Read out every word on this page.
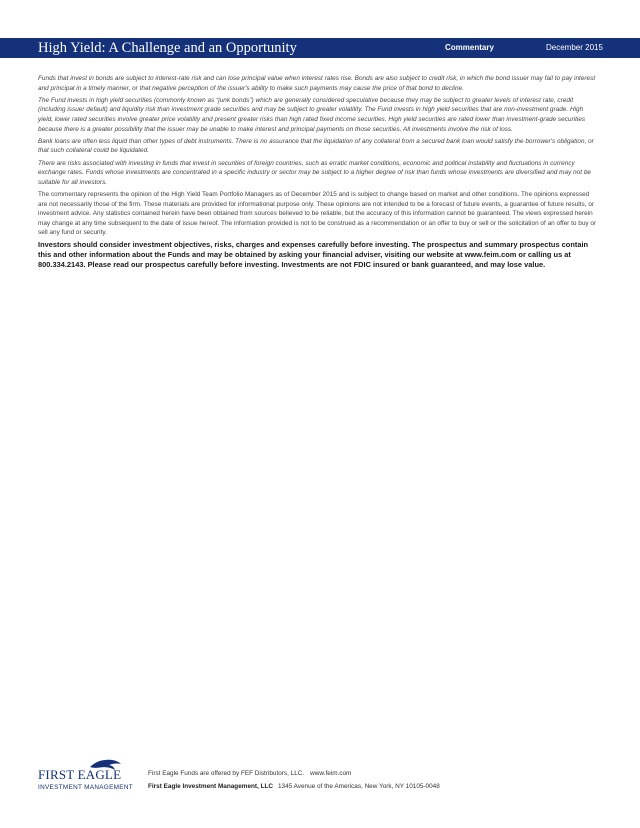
High Yield: A Challenge and an Opportunity	Commentary	December 2015

Funds that invest in bonds are subject to interest-rate risk and can lose principal value when interest rates rise. Bonds are also subject to credit risk, in which the bond issuer may fail to pay interest and principal in a timely manner, or that negative perception of the issuer's ability to make such payments may cause the price of that bond to decline.

The Fund invests in high yield securities (commonly known as “junk bonds”) which are generally considered speculative because they may be subject to greater levels of interest rate, credit (including issuer default) and liquidity risk than investment grade securities and may be subject to greater volatility. The Fund invests in high yield securities that are non-investment grade. High yield, lower rated securities involve greater price volatility and present greater risks than high rated fixed income securities. High yield securities are rated lower than investment-grade securities because there is a greater possibility that the issuer may be unable to make interest and principal payments on those securities. All investments involve the risk of loss.

Bank loans are often less liquid than other types of debt instruments. There is no assurance that the liquidation of any collateral from a secured bank loan would satisfy the borrower's obligation, or that such collateral could be liquidated.

There are risks associated with investing in funds that invest in securities of foreign countries, such as erratic market conditions, economic and political instability and fluctuations in currency exchange rates. Funds whose investments are concentrated in a specific industry or sector may be subject to a higher degree of risk than funds whose investments are diversified and may not be suitable for all investors.

The commentary represents the opinion of the High Yield Team Portfolio Managers as of December 2015 and is subject to change based on market and other conditions. The opinions expressed are not necessarily those of the firm. These materials are provided for informational purpose only. These opinions are not intended to be a forecast of future events, a guarantee of future results, or investment advice. Any statistics contained herein have been obtained from sources believed to be reliable, but the accuracy of this information cannot be guaranteed. The views expressed herein may change at any time subsequent to the date of issue hereof. The information provided is not to be construed as a recommendation or an offer to buy or sell or the solicitation of an offer to buy or sell any fund or security.

Investors should consider investment objectives, risks, charges and expenses carefully before investing. The prospectus and summary prospectus contain this and other information about the Funds and may be obtained by asking your financial adviser, visiting our website at www.feim.com or calling us at 800.334.2143. Please read our prospectus carefully before investing. Investments are not FDIC insured or bank guaranteed, and may lose value.

FIRST EAGLE
INVESTMENT MANAGEMENT
First Eagle Funds are offered by FEF Distributors, LLC. www.feim.com
First Eagle Investment Management, LLC 1345 Avenue of the Americas, New York, NY 10105-0048
